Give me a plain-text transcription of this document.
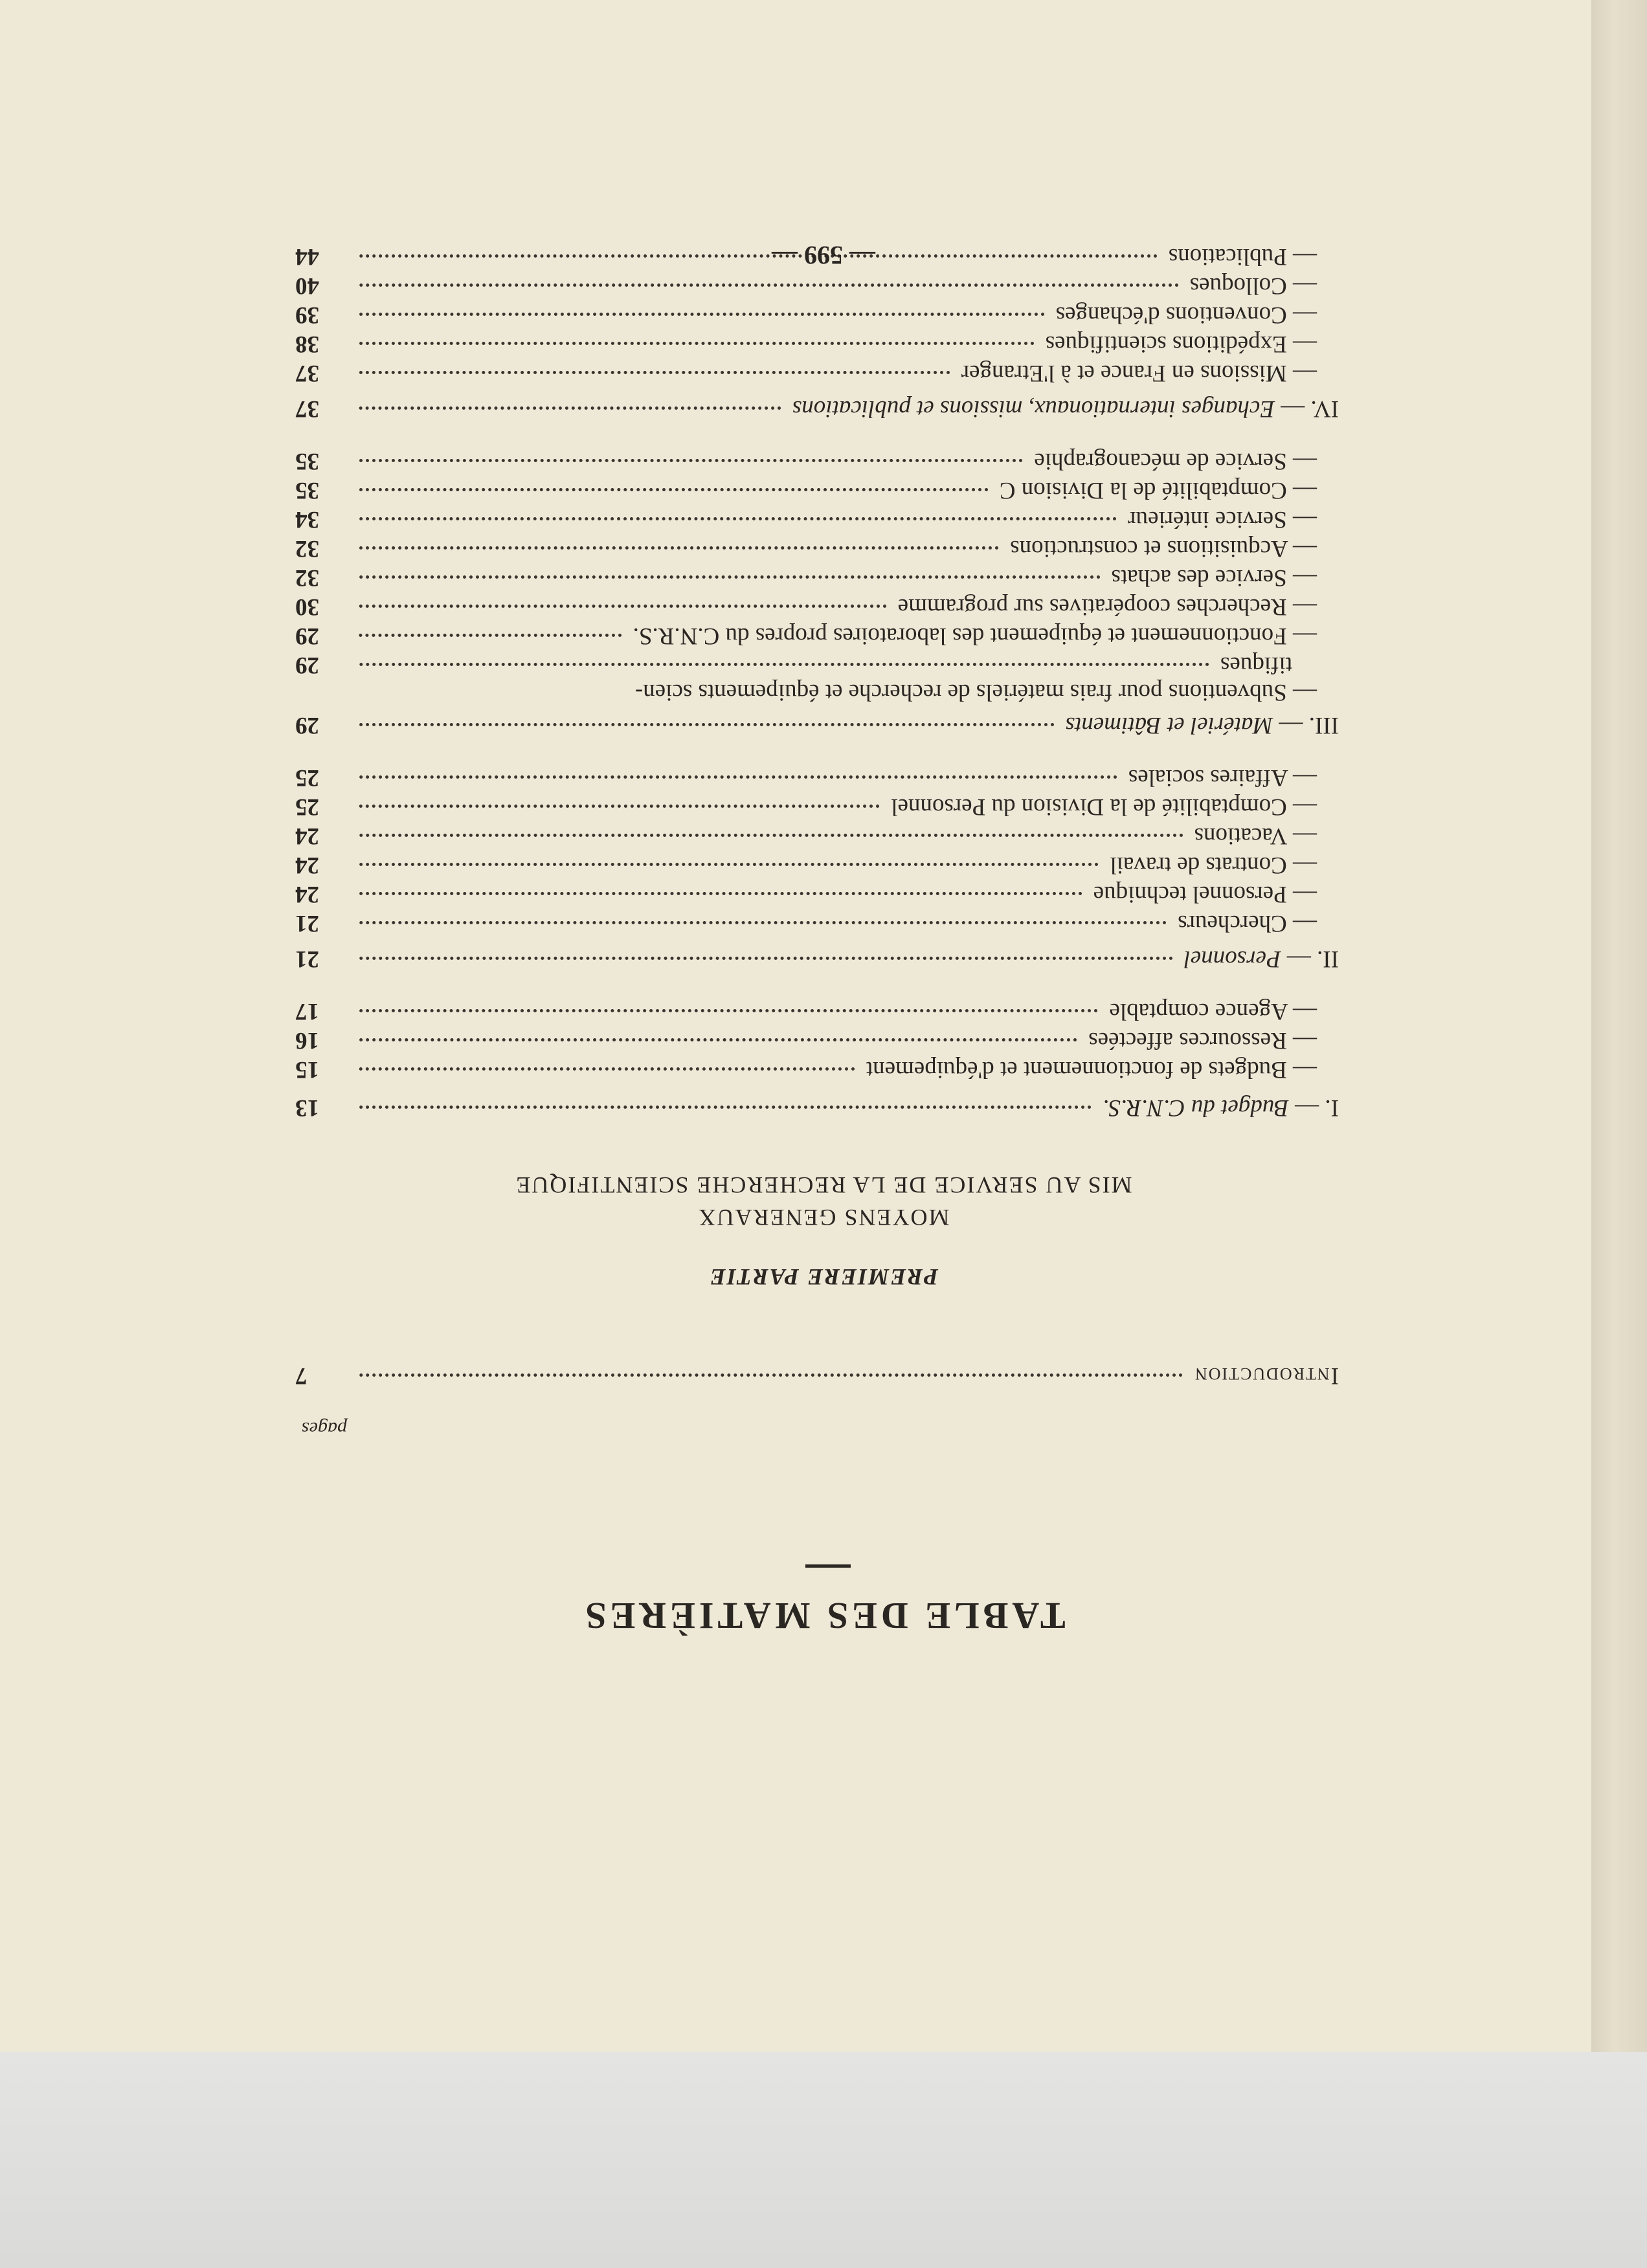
TABLE DES MATIÈRES
pages
Introduction
7
PREMIERE PARTIE
MOYENS GENERAUX
MIS AU SERVICE DE LA RECHERCHE SCIENTIFIQUE
I. — Budget du C.N.R.S.
13
— Budgets de fonctionnement et d'équipement
15
— Ressources affectées
16
— Agence comptable
17
II. — Personnel
21
— Chercheurs
21
— Personnel technique
24
— Contrats de travail
24
— Vacations
24
— Comptabilité de la Division du Personnel
25
— Affaires sociales
25
III. — Matériel et Bâtiments
29
— Subventions pour frais matériels de recherche et équipements scien-
tifiques
29
— Fonctionnement et équipement des laboratoires propres du C.N.R.S.
29
— Recherches coopératives sur programme
30
— Service des achats
32
— Acquisitions et constructions
32
— Service intérieur
34
— Comptabilité de la Division C
35
— Service de mécanographie
35
IV. — Echanges internationaux, missions et publications
37
— Missions en France et à l'Etranger
37
— Expéditions scientifiques
38
— Conventions d'échanges
39
— Colloques
40
— Publications
44	— 599 —
